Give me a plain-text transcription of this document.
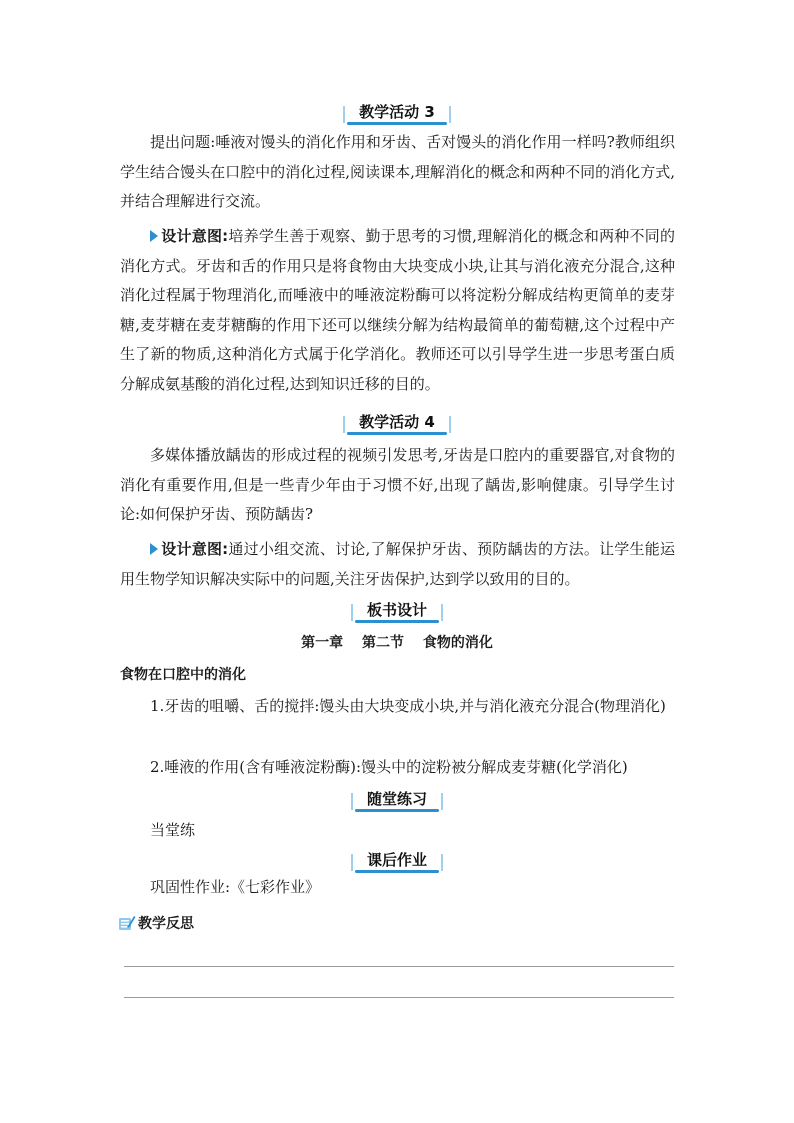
教学活动 3

提出问题:唾液对馒头的消化作用和牙齿、舌对馒头的消化作用一样吗?教师组织学生结合馒头在口腔中的消化过程,阅读课本,理解消化的概念和两种不同的消化方式,并结合理解进行交流。

设计意图:培养学生善于观察、勤于思考的习惯,理解消化的概念和两种不同的消化方式。牙齿和舌的作用只是将食物由大块变成小块,让其与消化液充分混合,这种消化过程属于物理消化,而唾液中的唾液淀粉酶可以将淀粉分解成结构更简单的麦芽糖,麦芽糖在麦芽糖酶的作用下还可以继续分解为结构最简单的葡萄糖,这个过程中产生了新的物质,这种消化方式属于化学消化。教师还可以引导学生进一步思考蛋白质分解成氨基酸的消化过程,达到知识迁移的目的。

教学活动 4

多媒体播放龋齿的形成过程的视频引发思考,牙齿是口腔内的重要器官,对食物的消化有重要作用,但是一些青少年由于习惯不好,出现了龋齿,影响健康。引导学生讨论:如何保护牙齿、预防龋齿?

设计意图:通过小组交流、讨论,了解保护牙齿、预防龋齿的方法。让学生能运用生物学知识解决实际中的问题,关注牙齿保护,达到学以致用的目的。

板书设计
第一章 第二节 食物的消化
食物在口腔中的消化

1.牙齿的咀嚼、舌的搅拌:馒头由大块变成小块,并与消化液充分混合(物理消化)

2.唾液的作用(含有唾液淀粉酶):馒头中的淀粉被分解成麦芽糖(化学消化)

随堂练习

当堂练

课后作业

巩固性作业:《七彩作业》

教学反思
